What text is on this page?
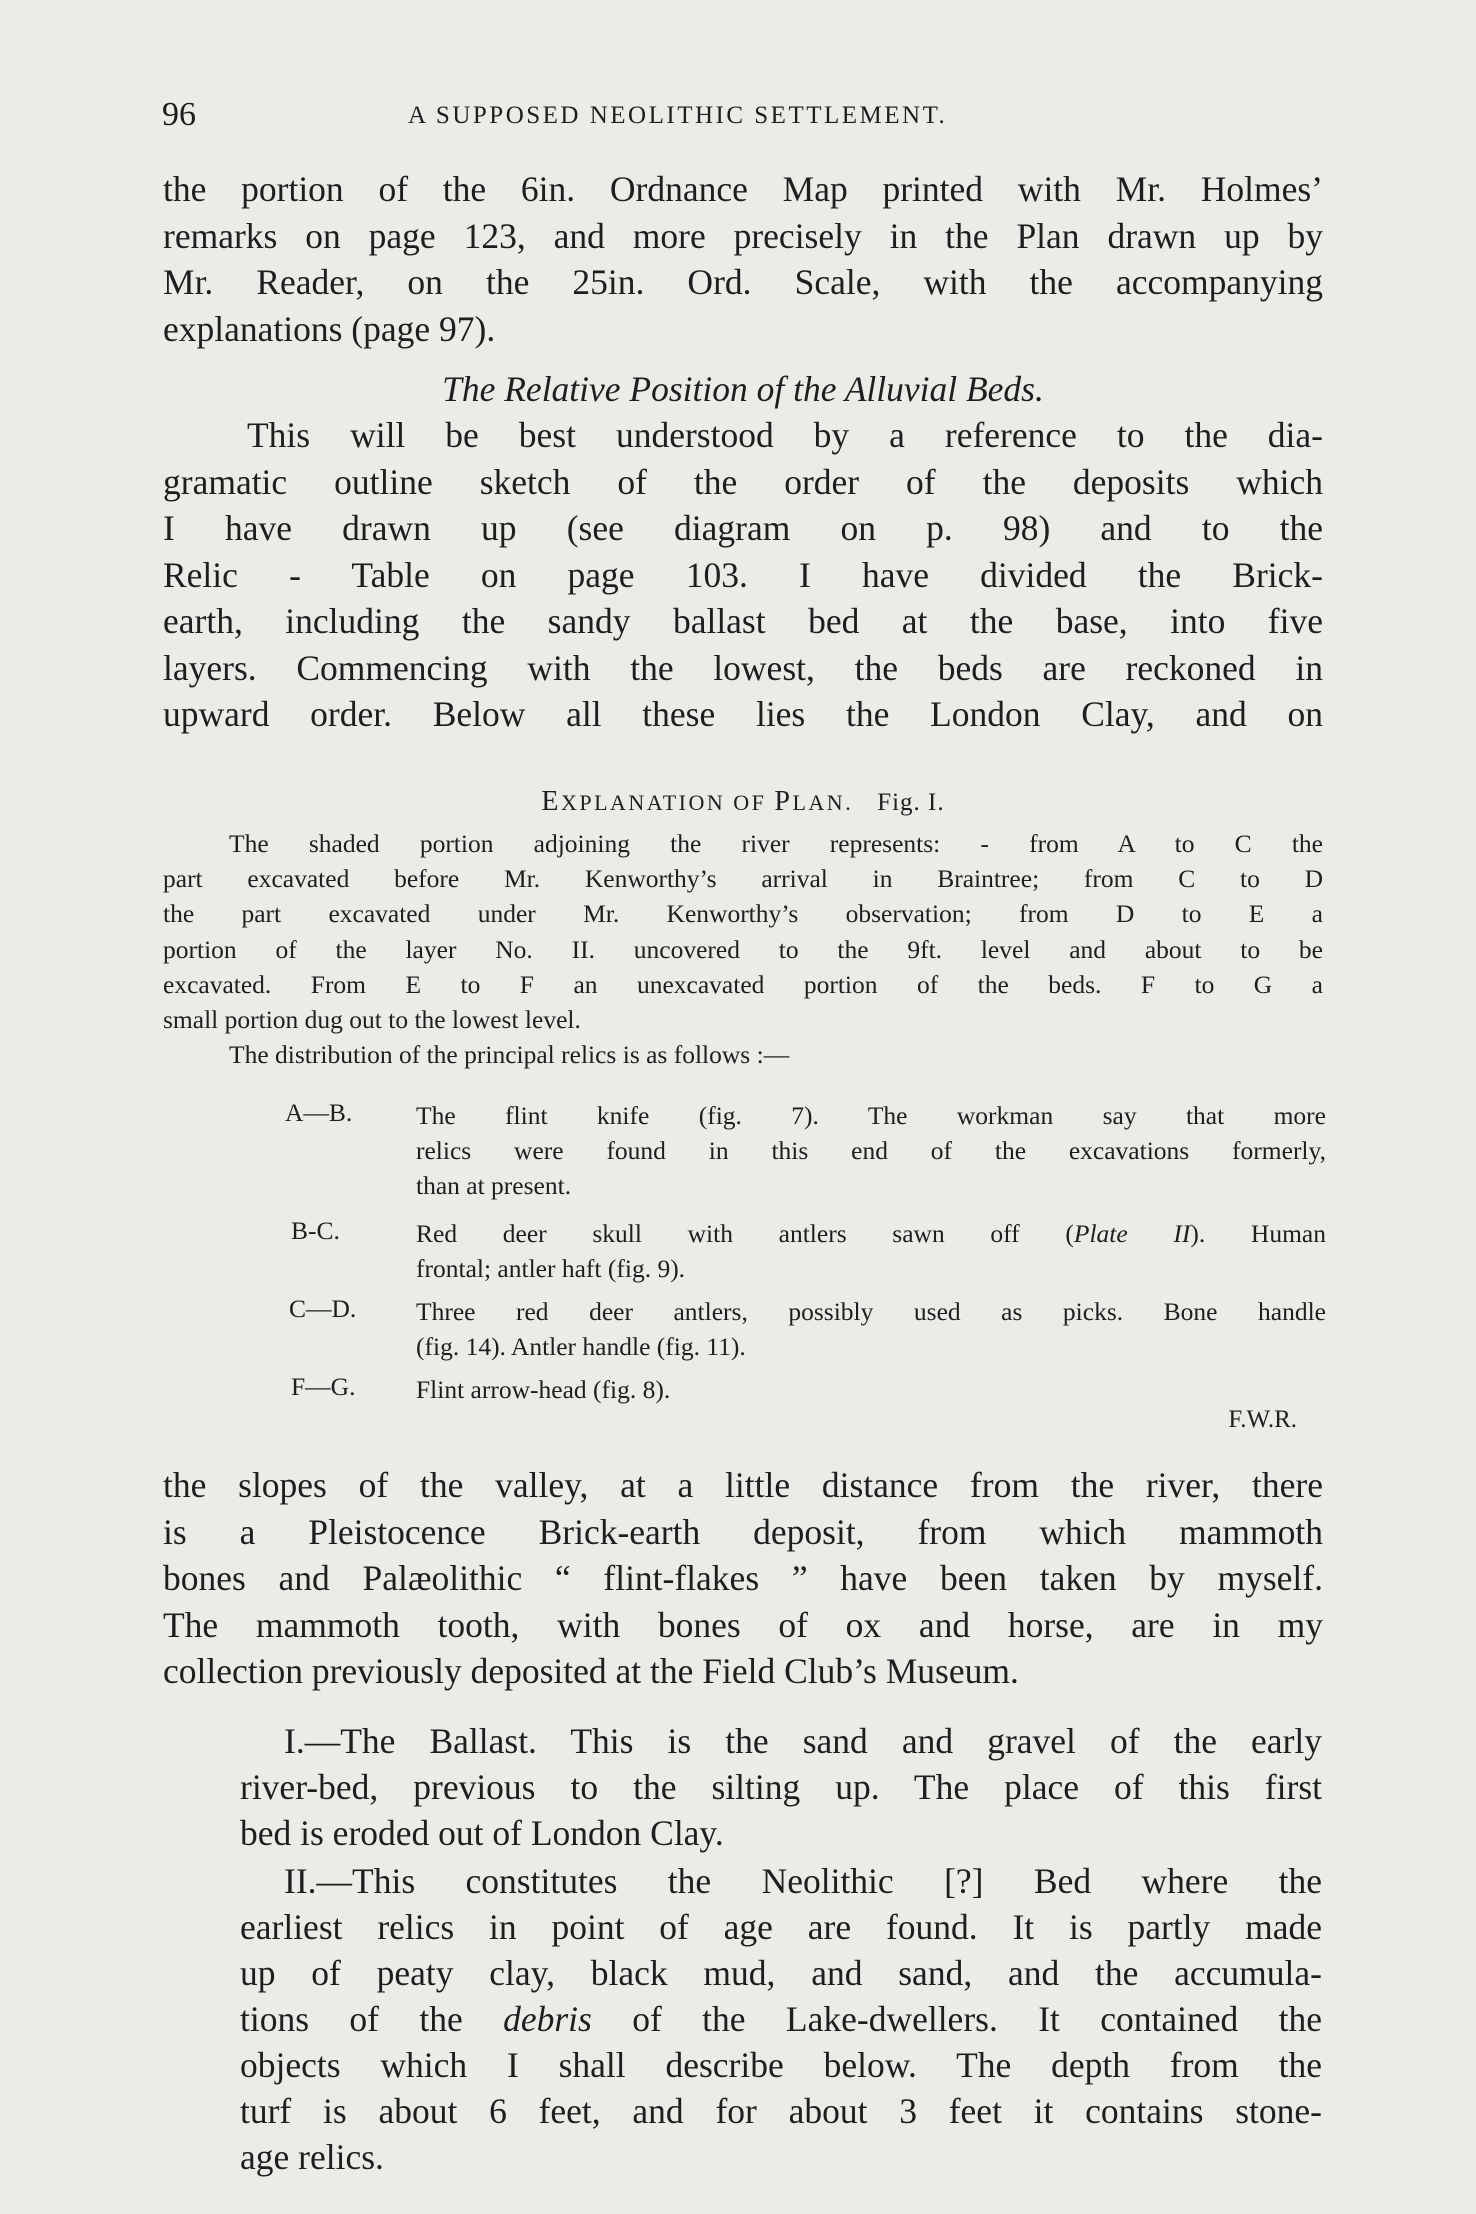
96	A SUPPOSED NEOLITHIC SETTLEMENT.
the portion of the 6in. Ordnance Map printed with Mr. Holmes’
remarks on page 123, and more precisely in the Plan drawn up by
Mr. Reader, on the 25in. Ord. Scale, with the accompanying
explanations (page 97).
The Relative Position of the Alluvial Beds.
This will be best understood by a reference to the dia-
gramatic outline sketch of the order of the deposits which
I have drawn up (see diagram on p. 98) and to the
Relic - Table on page 103. I have divided the Brick-
earth, including the sandy ballast bed at the base, into five
layers. Commencing with the lowest, the beds are reckoned in
upward order. Below all these lies the London Clay, and on
EXPLANATION OF PLAN. Fig. I.
The shaded portion adjoining the river represents: - from A to C the
part excavated before Mr. Kenworthy’s arrival in Braintree; from C to D
the part excavated under Mr. Kenworthy’s observation; from D to E a
portion of the layer No. II. uncovered to the 9ft. level and about to be
excavated. From E to F an unexcavated portion of the beds. F to G a
small portion dug out to the lowest level.
The distribution of the principal relics is as follows :—
A—B. The flint knife (fig. 7). The workman say that more
relics were found in this end of the excavations formerly,
than at present.
B-C.	Red deer skull with antlers sawn off (Plate II). Human
frontal; antler haft (fig. 9).
C—D. Three red deer antlers, possibly used as picks. Bone handle
(fig. 14). Antler handle (fig. 11).
F—G. Flint arrow-head (fig. 8).
F.W.R.
the slopes of the valley, at a little distance from the river, there
is a Pleistocence Brick-earth deposit, from which mammoth
bones and Palæolithic “ flint-flakes ” have been taken by myself.
The mammoth tooth, with bones of ox and horse, are in my
collection previously deposited at the Field Club’s Museum.
I.—The Ballast. This is the sand and gravel of the early
river-bed, previous to the silting up. The place of this first
bed is eroded out of London Clay.
II.—This constitutes the Neolithic [?] Bed where the
earliest relics in point of age are found. It is partly made
up of peaty clay, black mud, and sand, and the accumula-
tions of the debris of the Lake-dwellers. It contained the
objects which I shall describe below. The depth from the
turf is about 6 feet, and for about 3 feet it contains stone-
age relics.
